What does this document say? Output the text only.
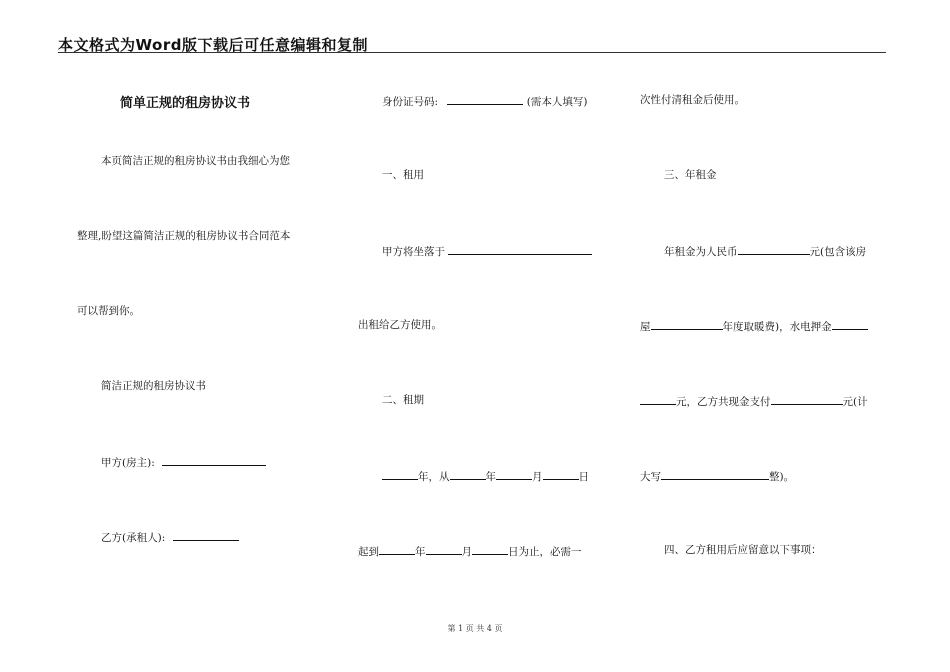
本文格式为Word版下载后可任意编辑和复制
简单正规的租房协议书
本页简洁正规的租房协议书由我细心为您
整理,盼望这篇简洁正规的租房协议书合同范本
可以帮到你。
简洁正规的租房协议书
甲方(房主):
乙方(承租人):
身份证号码:	(需本人填写)
一、租用
甲方将坐落于
出租给乙方使用。
二、租期
年，从	年	月	日
起到	年	月	日为止，必需一
次性付清租金后使用。
三、年租金
年租金为人民币	元(包含该房
屋	年度取暖费)，水电押金
元，乙方共现金支付	元(计
大写	整)。
四、乙方租用后应留意以下事项：
第 1 页 共 4 页
